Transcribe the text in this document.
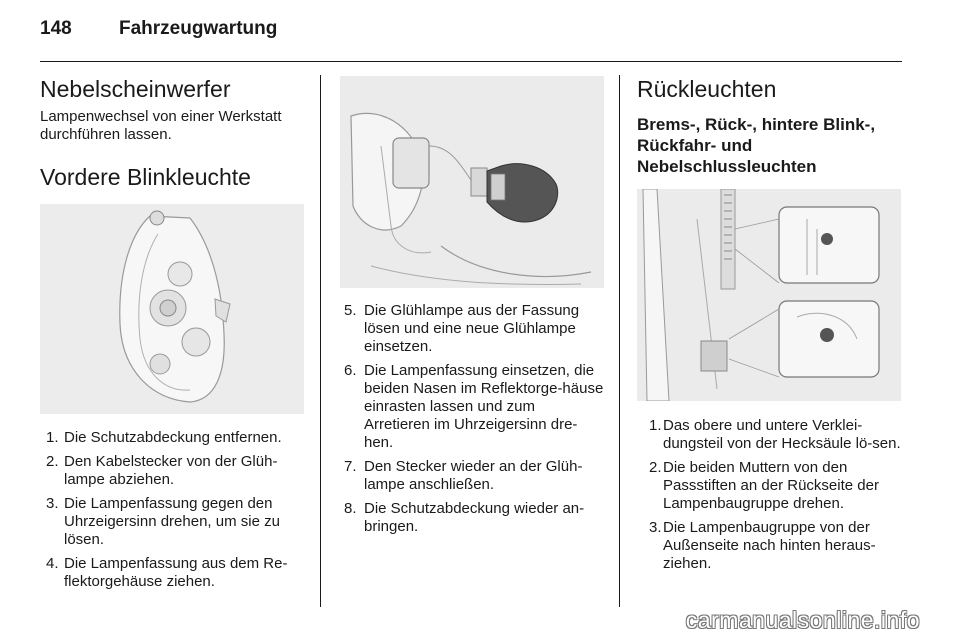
148 Fahrzeugwartung
Nebelscheinwerfer

Lampenwechsel von einer Werkstatt durchführen lassen.

Vordere Blinkleuchte
1. Die Schutzabdeckung entfernen.
2. Den Kabelstecker von der Glüh-lampe abziehen.
3. Die Lampenfassung gegen den Uhrzeigersinn drehen, um sie zu lösen.
4. Die Lampenfassung aus dem Re-flektorgehäuse ziehen.
5. Die Glühlampe aus der Fassung lösen und eine neue Glühlampe einsetzen.
6. Die Lampenfassung einsetzen, die beiden Nasen im Reflektorge-häuse einrasten lassen und zum Arretieren im Uhrzeigersinn dre-hen.
7. Den Stecker wieder an der Glüh-lampe anschließen.
8. Die Schutzabdeckung wieder an-bringen.
Rückleuchten
Brems-, Rück-, hintere Blink-, Rückfahr- und Nebelschlussleuchten
1. Das obere und untere Verklei-dungsteil von der Hecksäule lö-sen.
2. Die beiden Muttern von den Passstiften an der Rückseite der Lampenbaugruppe drehen.
3. Die Lampenbaugruppe von der Außenseite nach hinten heraus-ziehen.
carmanualsonline.info
